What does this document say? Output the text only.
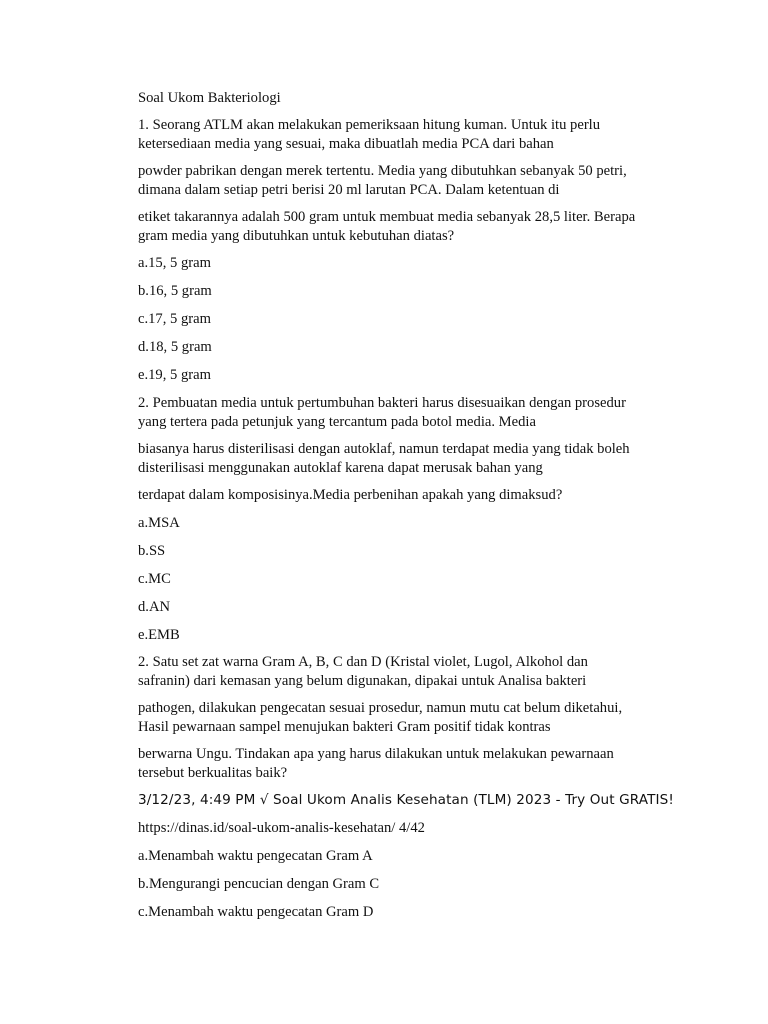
Soal Ukom Bakteriologi
1. Seorang ATLM akan melakukan pemeriksaan hitung kuman. Untuk itu perlu
ketersediaan media yang sesuai, maka dibuatlah media PCA dari bahan
powder pabrikan dengan merek tertentu. Media yang dibutuhkan sebanyak 50 petri,
dimana dalam setiap petri berisi 20 ml larutan PCA. Dalam ketentuan di
etiket takarannya adalah 500 gram untuk membuat media sebanyak 28,5 liter. Berapa
gram media yang dibutuhkan untuk kebutuhan diatas?
a.15, 5 gram
b.16, 5 gram
c.17, 5 gram
d.18, 5 gram
e.19, 5 gram
2. Pembuatan media untuk pertumbuhan bakteri harus disesuaikan dengan prosedur
yang tertera pada petunjuk yang tercantum pada botol media. Media
biasanya harus disterilisasi dengan autoklaf, namun terdapat media yang tidak boleh
disterilisasi menggunakan autoklaf karena dapat merusak bahan yang
terdapat dalam komposisinya.Media perbenihan apakah yang dimaksud?
a.MSA
b.SS
c.MC
d.AN
e.EMB
2. Satu set zat warna Gram A, B, C dan D (Kristal violet, Lugol, Alkohol dan
safranin) dari kemasan yang belum digunakan, dipakai untuk Analisa bakteri
pathogen, dilakukan pengecatan sesuai prosedur, namun mutu cat belum diketahui,
Hasil pewarnaan sampel menujukan bakteri Gram positif tidak kontras
berwarna Ungu. Tindakan apa yang harus dilakukan untuk melakukan pewarnaan
tersebut berkualitas baik?
3/12/23, 4:49 PM √ Soal Ukom Analis Kesehatan (TLM) 2023 - Try Out GRATIS!
https://dinas.id/soal-ukom-analis-kesehatan/ 4/42
a.Menambah waktu pengecatan Gram A
b.Mengurangi pencucian dengan Gram C
c.Menambah waktu pengecatan Gram D
